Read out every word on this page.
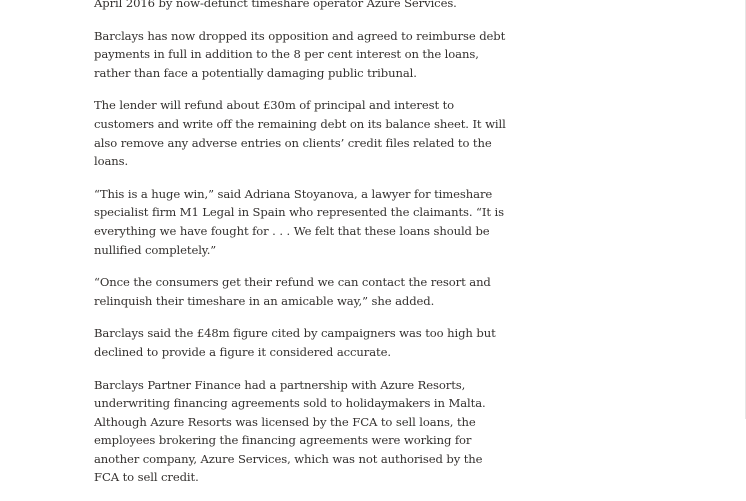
April 2016 by now-defunct timeshare operator Azure Services.

Barclays has now dropped its opposition and agreed to reimburse debt payments in full in addition to the 8 per cent interest on the loans, rather than face a potentially damaging public tribunal.

The lender will refund about £30m of principal and interest to customers and write off the remaining debt on its balance sheet. It will also remove any adverse entries on clients’ credit files related to the loans.

“This is a huge win,” said Adriana Stoyanova, a lawyer for timeshare specialist firm M1 Legal in Spain who represented the claimants. “It is everything we have fought for . . . We felt that these loans should be nullified completely.”

“Once the consumers get their refund we can contact the resort and relinquish their timeshare in an amicable way,” she added.

Barclays said the £48m figure cited by campaigners was too high but declined to provide a figure it considered accurate.

Barclays Partner Finance had a partnership with Azure Resorts, underwriting financing agreements sold to holidaymakers in Malta. Although Azure Resorts was licensed by the FCA to sell loans, the employees brokering the financing agreements were working for another company, Azure Services, which was not authorised by the FCA to sell credit.
